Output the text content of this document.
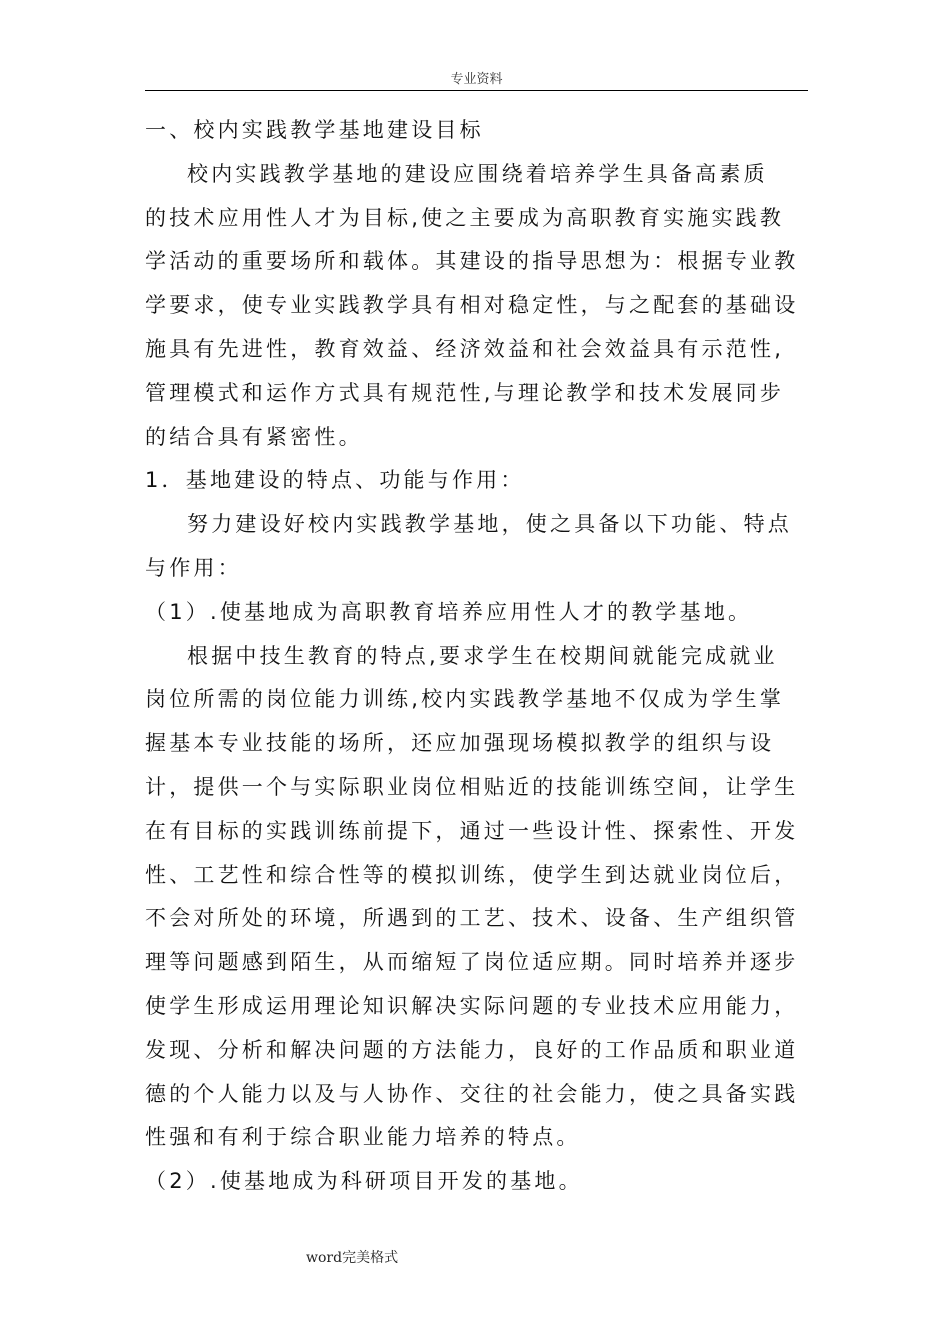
专业资料
一、校内实践教学基地建设目标
校内实践教学基地的建设应围绕着培养学生具备高素质
的技术应用性人才为目标,使之主要成为高职教育实施实践教
学活动的重要场所和载体。其建设的指导思想为：根据专业教
学要求，使专业实践教学具有相对稳定性，与之配套的基础设
施具有先进性，教育效益、经济效益和社会效益具有示范性,
管理模式和运作方式具有规范性,与理论教学和技术发展同步
的结合具有紧密性。
1．基地建设的特点、功能与作用：
努力建设好校内实践教学基地，使之具备以下功能、特点
与作用：
（1）.使基地成为高职教育培养应用性人才的教学基地。
根据中技生教育的特点,要求学生在校期间就能完成就业
岗位所需的岗位能力训练,校内实践教学基地不仅成为学生掌
握基本专业技能的场所，还应加强现场模拟教学的组织与设
计，提供一个与实际职业岗位相贴近的技能训练空间，让学生
在有目标的实践训练前提下，通过一些设计性、探索性、开发
性、工艺性和综合性等的模拟训练，使学生到达就业岗位后，
不会对所处的环境，所遇到的工艺、技术、设备、生产组织管
理等问题感到陌生，从而缩短了岗位适应期。同时培养并逐步
使学生形成运用理论知识解决实际问题的专业技术应用能力，
发现、分析和解决问题的方法能力，良好的工作品质和职业道
德的个人能力以及与人协作、交往的社会能力，使之具备实践
性强和有利于综合职业能力培养的特点。
（2）.使基地成为科研项目开发的基地。
word完美格式
